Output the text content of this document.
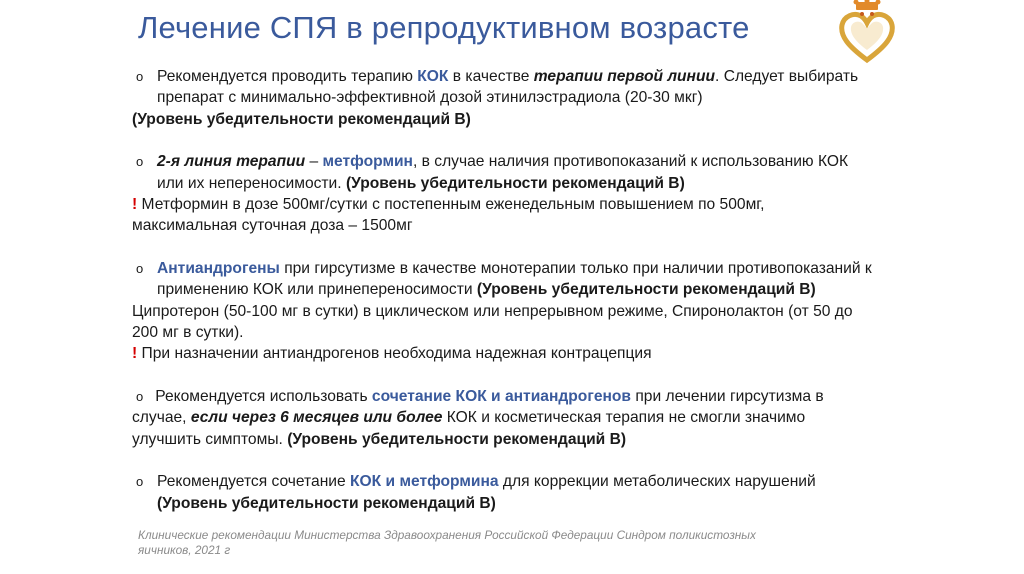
Лечение СПЯ в репродуктивном возрасте

o Рекомендуется проводить терапию КОК в качестве терапии первой линии. Следует выбирать препарат с минимально-эффективной дозой этинилэстрадиола (20-30 мкг)

(Уровень убедительности рекомендаций В)

o 2-я линия терапии – метформин, в случае наличия противопоказаний к использованию КОК или их непереносимости. (Уровень убедительности рекомендаций В)

! Метформин в дозе 500мг/сутки с постепенным еженедельным повышением по 500мг, максимальная суточная доза – 1500мг

o Антиандрогены при гирсутизме в качестве монотерапии только при наличии противопоказаний к применению КОК или принепереносимости (Уровень убедительности рекомендаций В)

Ципротерон (50-100 мг в сутки) в циклическом или непрерывном режиме, Спиронолактон (от 50 до 200 мг в сутки).

! При назначении антиандрогенов необходима надежная контрацепция

o Рекомендуется использовать сочетание КОК и антиандрогенов при лечении гирсутизма в случае, если через 6 месяцев или более КОК и косметическая терапия не смогли значимо улучшить симптомы. (Уровень убедительности рекомендаций В)

o Рекомендуется сочетание КОК и метформина для коррекции метаболических нарушений (Уровень убедительности рекомендаций В)

Клинические рекомендации Министерства Здравоохранения Российской Федерации Синдром поликистозных яичников, 2021 г
